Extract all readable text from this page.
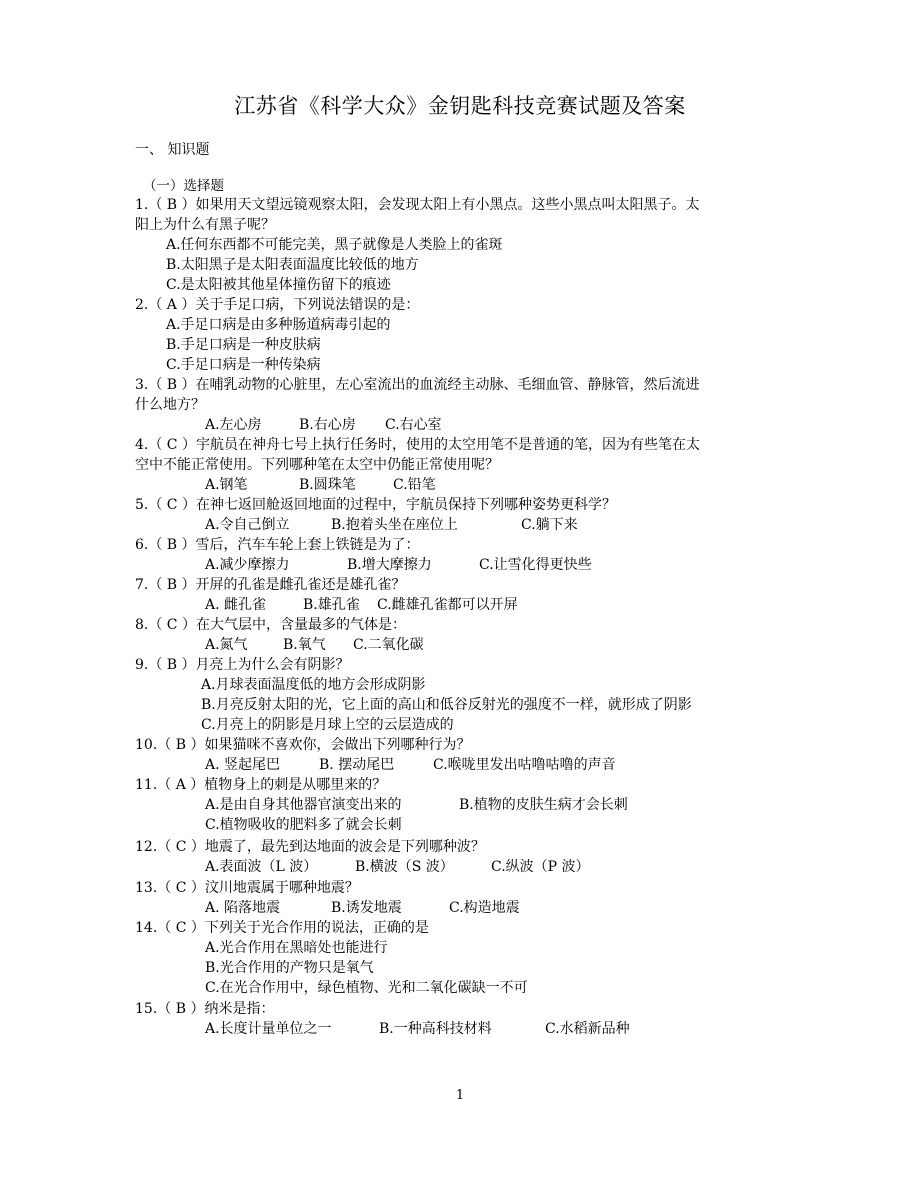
江苏省《科学大众》金钥匙科技竞赛试题及答案
一、 知识题
（一）选择题
1.（ B ）如果用天文望远镜观察太阳，会发现太阳上有小黑点。这些小黑点叫太阳黑子。太
阳上为什么有黑子呢？
A.任何东西都不可能完美，黑子就像是人类脸上的雀斑
B.太阳黑子是太阳表面温度比较低的地方
C.是太阳被其他星体撞伤留下的痕迹
2.（ A ）关于手足口病，下列说法错误的是：
A.手足口病是由多种肠道病毒引起的
B.手足口病是一种皮肤病
C.手足口病是一种传染病
3.（ B ）在哺乳动物的心脏里，左心室流出的血流经主动脉、毛细血管、静脉管，然后流进
什么地方？
A.左心房	B.右心房 C.右心室
4.（ C ）宇航员在神舟七号上执行任务时，使用的太空用笔不是普通的笔，因为有些笔在太
空中不能正常使用。下列哪种笔在太空中仍能正常使用呢？
A.钢笔	B.圆珠笔	C.铅笔
5.（ C ）在神七返回舱返回地面的过程中，宇航员保持下列哪种姿势更科学？
A.令自己倒立	B.抱着头坐在座位上	C.躺下来
6.（ B ）雪后，汽车车轮上套上铁链是为了：
A.减少摩擦力	B.增大摩擦力	C.让雪化得更快些
7.（ B ）开屏的孔雀是雌孔雀还是雄孔雀？
A. 雌孔雀	B.雄孔雀 C.雌雄孔雀都可以开屏
8.（ C ）在大气层中，含量最多的气体是：
A.氮气	B.氧气 C.二氧化碳
9.（ B ）月亮上为什么会有阴影？
A.月球表面温度低的地方会形成阴影
B.月亮反射太阳的光，它上面的高山和低谷反射光的强度不一样，就形成了阴影
C.月亮上的阴影是月球上空的云层造成的
10.（ B ）如果猫咪不喜欢你，会做出下列哪种行为？
A. 竖起尾巴	B. 摆动尾巴	C.喉咙里发出咕噜咕噜的声音
11.（ A ）植物身上的刺是从哪里来的？
A.是由自身其他器官演变出来的	B.植物的皮肤生病才会长刺
C.植物吸收的肥料多了就会长刺
12.（ C ）地震了，最先到达地面的波会是下列哪种波？
A.表面波（L 波）	B.横波（S 波）	C.纵波（P 波）
13.（ C ）汶川地震属于哪种地震？
A. 陷落地震	B.诱发地震	C.构造地震
14.（ C ）下列关于光合作用的说法，正确的是
A.光合作用在黑暗处也能进行
B.光合作用的产物只是氧气
C.在光合作用中，绿色植物、光和二氧化碳缺一不可
15.（ B ）纳米是指：
A.长度计量单位之一	B.一种高科技材料	C.水稻新品种
1
